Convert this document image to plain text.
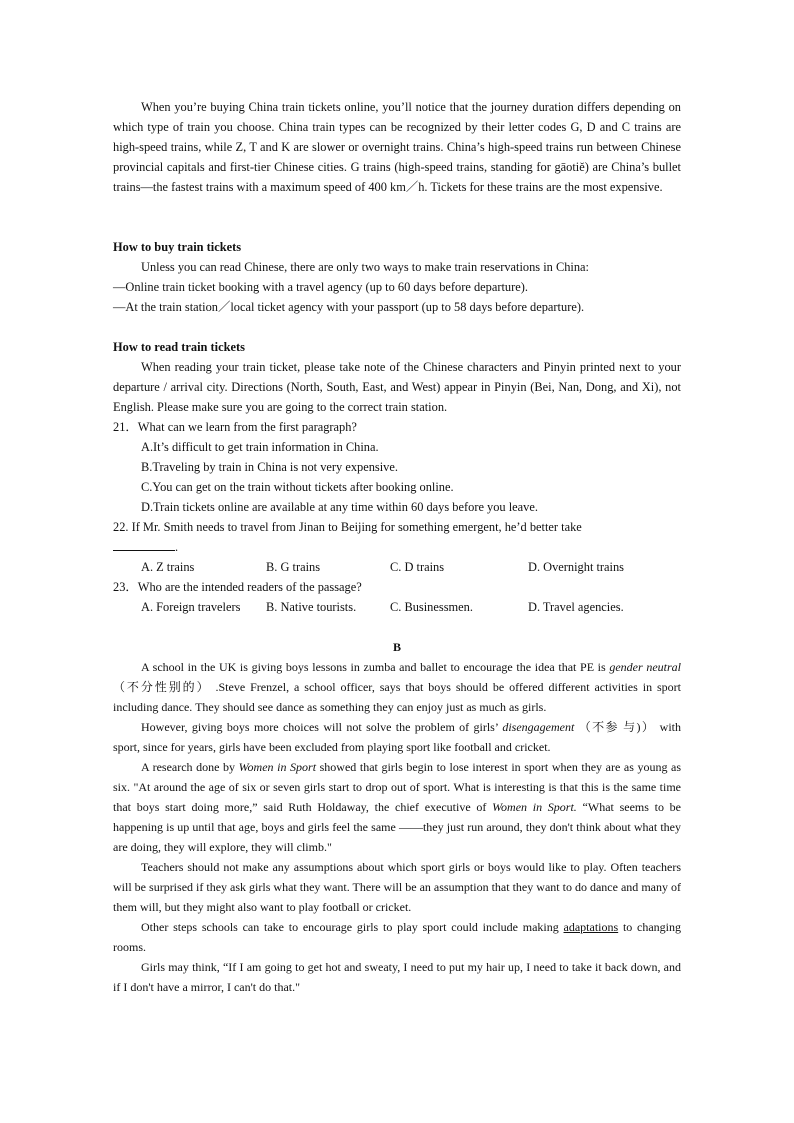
When you’re buying China train tickets online, you’ll notice that the journey duration differs depending on which type of train you choose. China train types can be recognized by their letter codes G, D and C trains are high-speed trains, while Z, T and K are slower or overnight trains. China’s high-speed trains run between Chinese provincial capitals and first-tier Chinese cities. G trains (high-speed trains, standing for gāotiě) are China’s bullet trains—the fastest trains with a maximum speed of 400 km／h. Tickets for these trains are the most expensive.

How to buy train tickets

Unless you can read Chinese, there are only two ways to make train reservations in China:

—Online train ticket booking with a travel agency (up to 60 days before departure).

—At the train station／local ticket agency with your passport (up to 58 days before departure).

How to read train tickets

When reading your train ticket, please take note of the Chinese characters and Pinyin printed next to your departure / arrival city. Directions (North, South, East, and West) appear in Pinyin (Bei, Nan, Dong, and Xi), not English. Please make sure you are going to the correct train station.

21．What can we learn from the first paragraph?

A.It’s difficult to get train information in China.

B.Traveling by train in China is not very expensive.

C.You can get on the train without tickets after booking online.

D.Train tickets online are available at any time within 60 days before you leave.

22. If Mr. Smith needs to travel from Jinan to Beijing for something emergent, he’d better take

.

A. Z trains	B. G trains	C. D trains	D. Overnight trains

23．Who are the intended readers of the passage?

A. Foreign travelers B. Native tourists.	C. Businessmen.	D. Travel agencies.

B

A school in the UK is giving boys lessons in zumba and ballet to encourage the idea that PE is gender neutral （不分性别的） .Steve Frenzel, a school officer, says that boys should be offered different activities in sport including dance. They should see dance as something they can enjoy just as much as girls.

However, giving boys more choices will not solve the problem of girls’ disengagement （不参 与)） with sport, since for years, girls have been excluded from playing sport like football and cricket.

A research done by Women in Sport showed that girls begin to lose interest in sport when they are as young as six. "At around the age of six or seven girls start to drop out of sport. What is interesting is that this is the same time that boys start doing more,” said Ruth Holdaway, the chief executive of Women in Sport. “What seems to be happening is up until that age, boys and girls feel the same ——they just run around, they don't think about what they are doing, they will explore, they will climb."

Teachers should not make any assumptions about which sport girls or boys would like to play. Often teachers will be surprised if they ask girls what they want. There will be an assumption that they want to do dance and many of them will, but they might also want to play football or cricket.

Other steps schools can take to encourage girls to play sport could include making adaptations to changing rooms.

Girls may think, “If I am going to get hot and sweaty, I need to put my hair up, I need to take it back down, and if I don't have a mirror, I can't do that."
